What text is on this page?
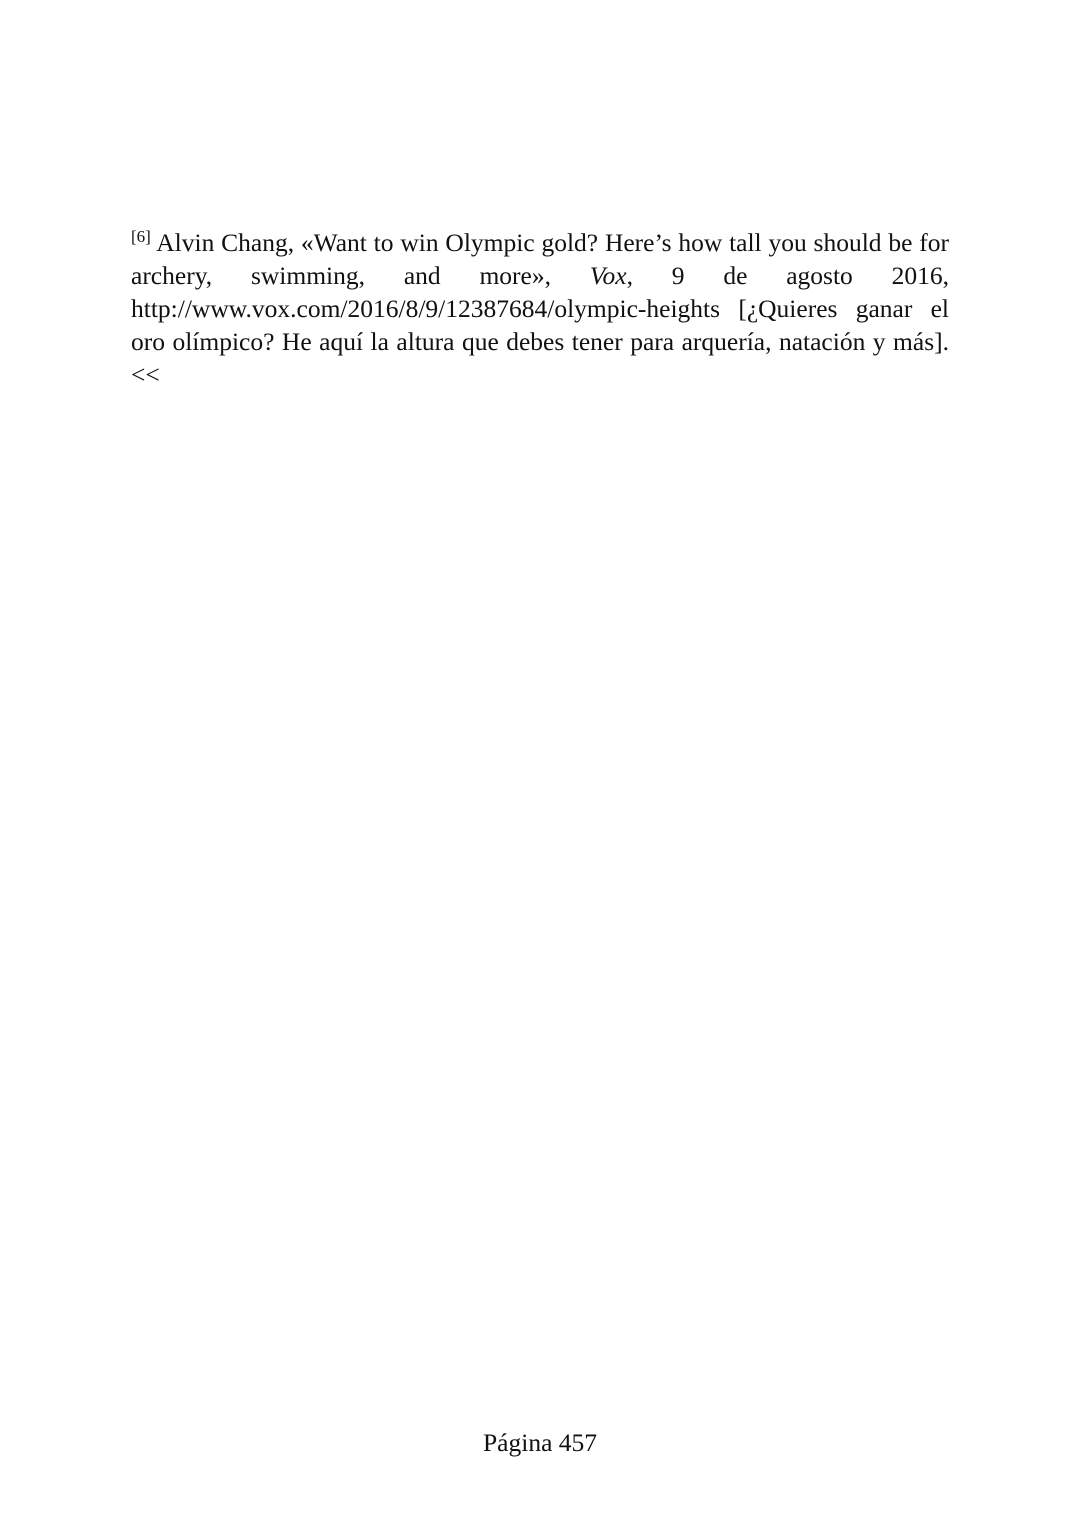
[6] Alvin Chang, «Want to win Olympic gold? Here’s how tall you should be for archery, swimming, and more», Vox, 9 de agosto 2016, http://www.vox.com/2016/8/9/12387684/olympic-heights [¿Quieres ganar el oro olímpico? He aquí la altura que debes tener para arquería, natación y más]. <<

Página 457
